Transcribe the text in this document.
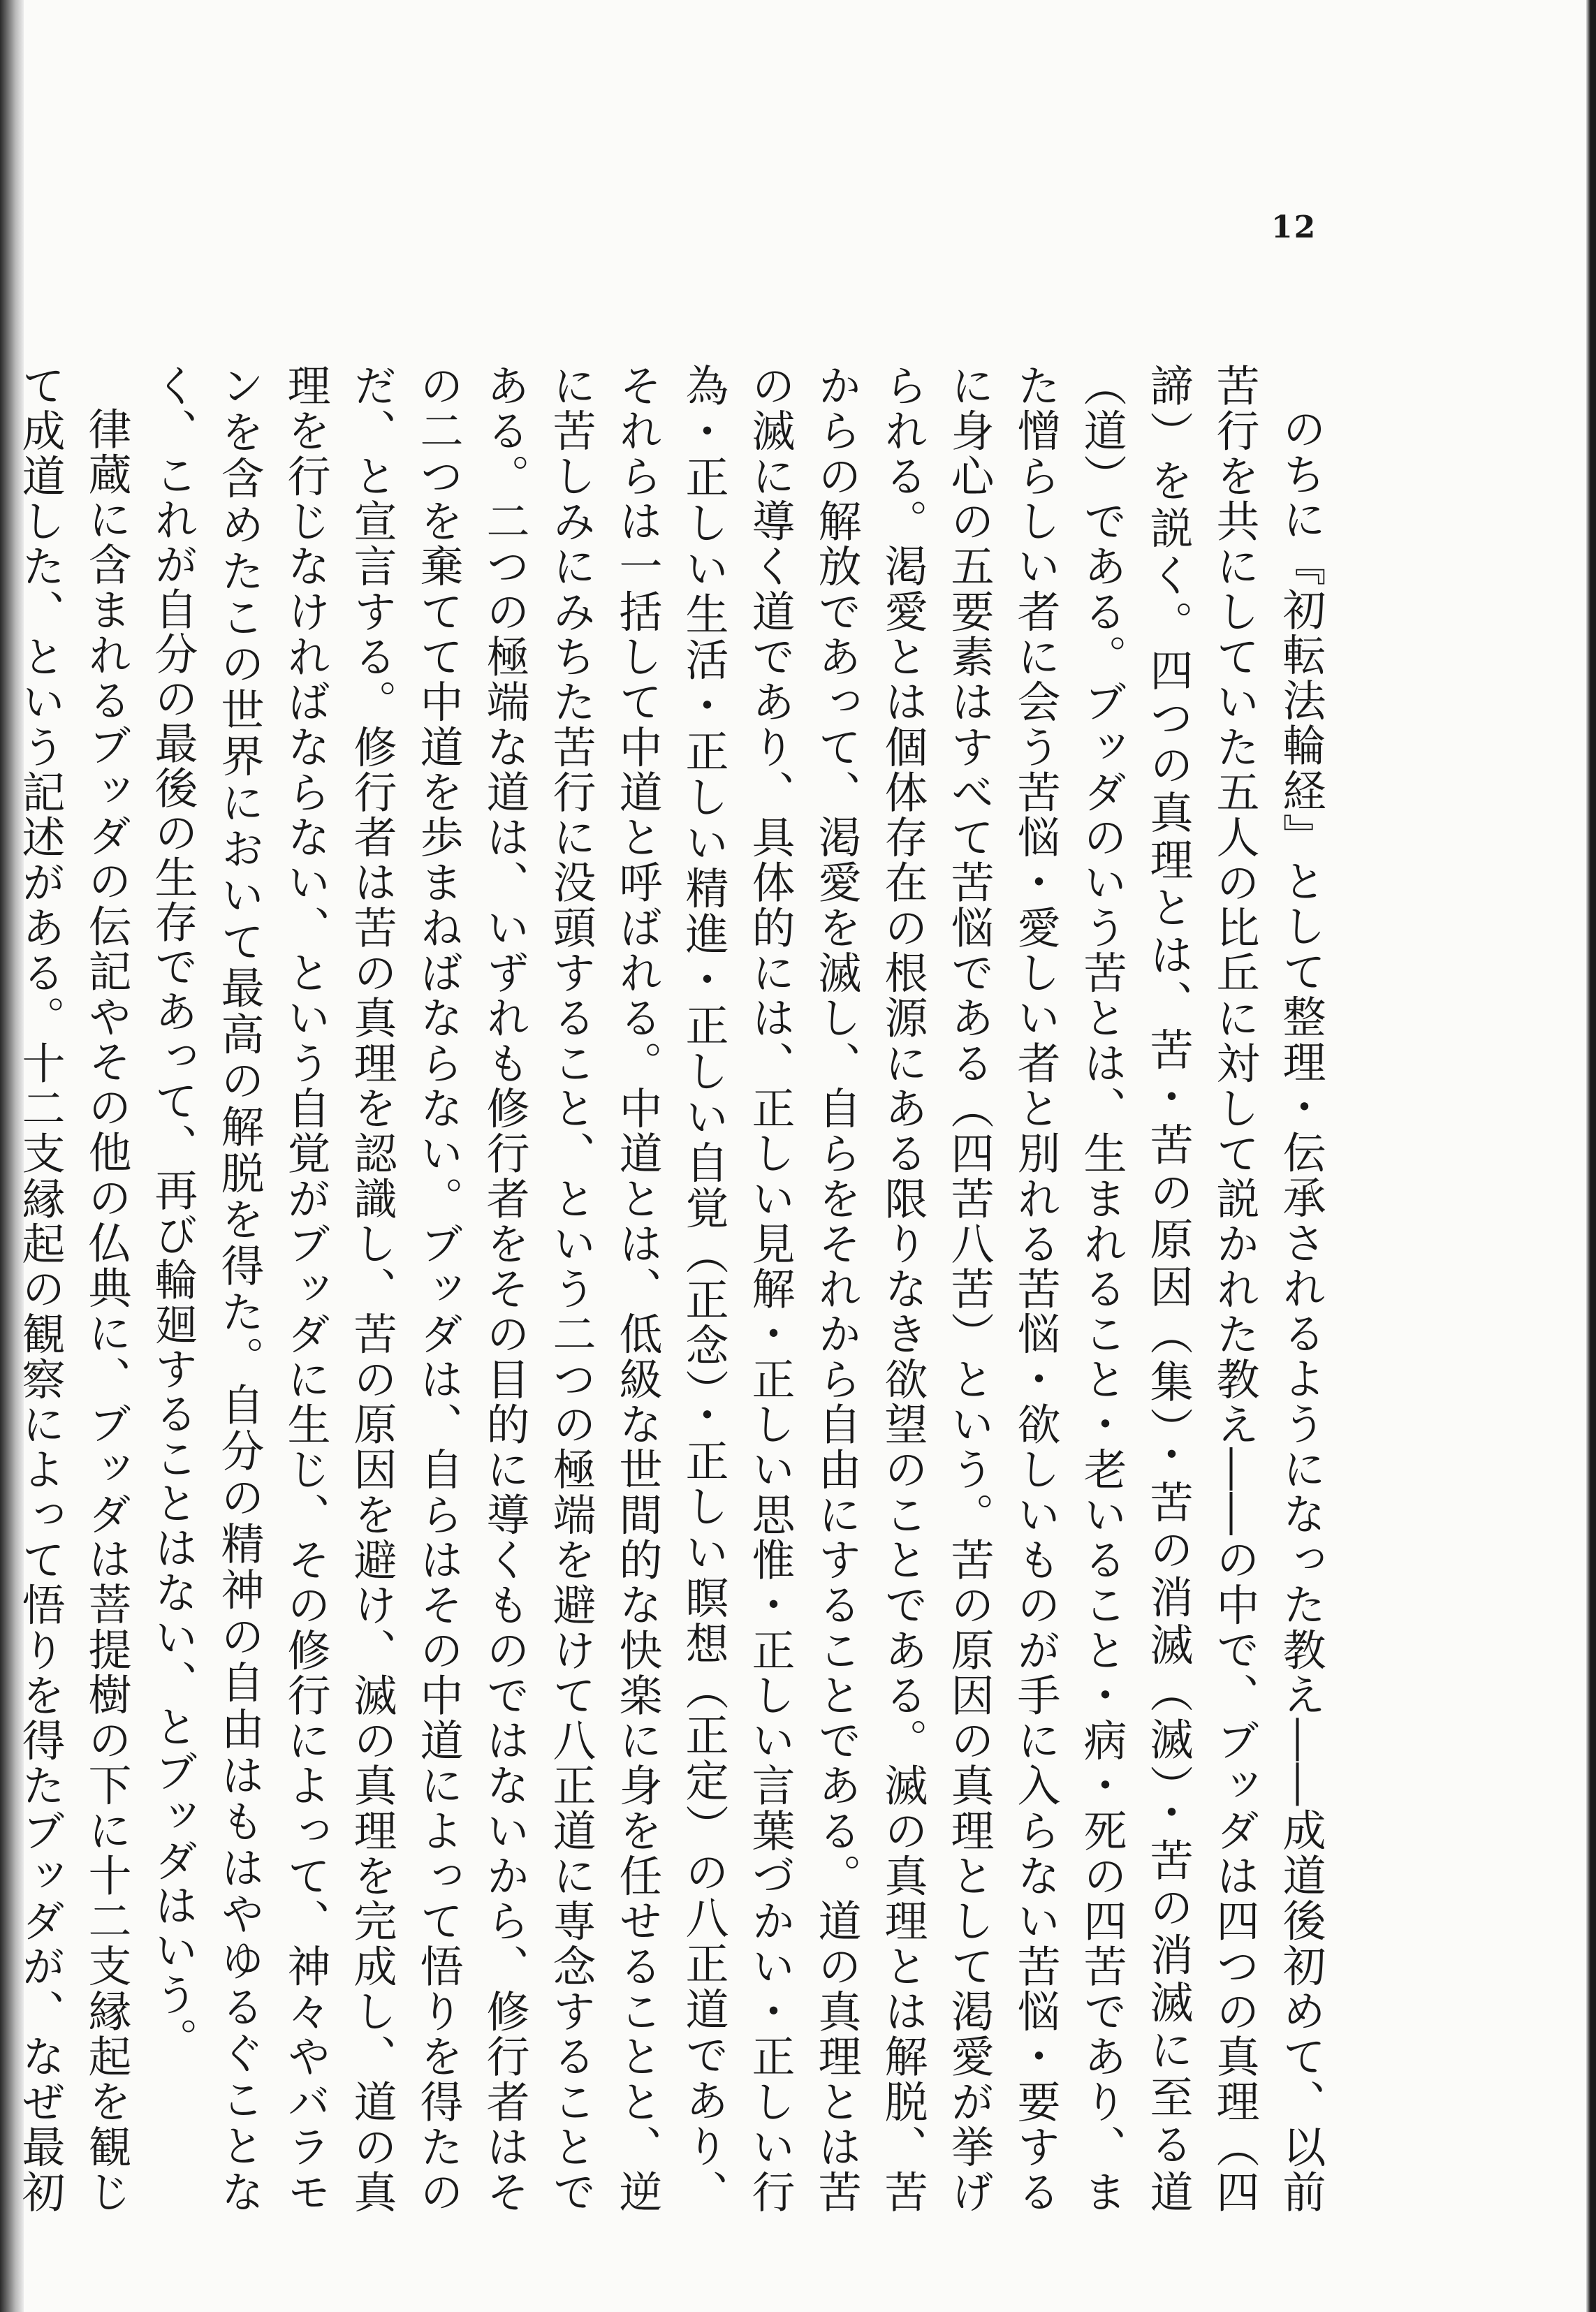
12

のちに『初転法輪経』として整理・伝承されるようになった教え――成道後初めて、以前苦行を共にしていた五人の比丘に対して説かれた教え――の中で、ブッダは四つの真理（四諦）を説く。四つの真理とは、苦・苦の原因（集）・苦の消滅（滅）・苦の消滅に至る道（道）である。ブッダのいう苦とは、生まれること・老いること・病・死の四苦であり、また憎らしい者に会う苦悩・愛しい者と別れる苦悩・欲しいものが手に入らない苦悩・要するに身心の五要素はすべて苦悩である（四苦八苦）という。苦の原因の真理として渇愛が挙げられる。渇愛とは個体存在の根源にある限りなき欲望のことである。滅の真理とは解脱、苦からの解放であって、渇愛を滅し、自らをそれから自由にすることである。道の真理とは苦の滅に導く道であり、具体的には、正しい見解・正しい思惟・正しい言葉づかい・正しい行為・正しい生活・正しい精進・正しい自覚（正念）・正しい瞑想（正定）の八正道であり、それらは一括して中道と呼ばれる。中道とは、低級な世間的な快楽に身を任せることと、逆に苦しみにみちた苦行に没頭すること、という二つの極端を避けて八正道に専念することである。二つの極端な道は、いずれも修行者をその目的に導くものではないから、修行者はその二つを棄てて中道を歩まねばならない。ブッダは、自らはその中道によって悟りを得たのだ、と宣言する。修行者は苦の真理を認識し、苦の原因を避け、滅の真理を完成し、道の真理を行じなければならない、という自覚がブッダに生じ、その修行によって、神々やバラモンを含めたこの世界において最高の解脱を得た。自分の精神の自由はもはやゆるぐことなく、これが自分の最後の生存であって、再び輪廻することはない、とブッダはいう。

律蔵に含まれるブッダの伝記やその他の仏典に、ブッダは菩提樹の下に十二支縁起を観じて成道した、という記述がある。十二支縁起の観察によって悟りを得たブッダが、なぜ最初
